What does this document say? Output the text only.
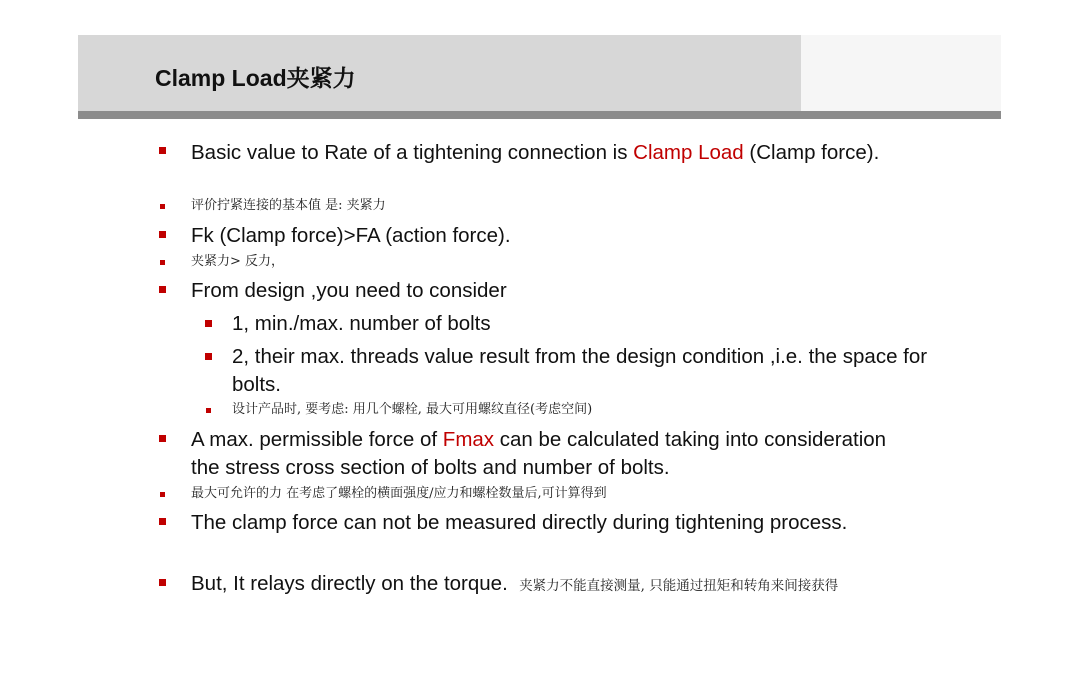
Clamp Load夹紧力
Basic value to Rate of a tightening connection is Clamp Load (Clamp force).
评价拧紧连接的基本值 是: 夹紧力
Fk (Clamp force)>FA (action force).
夹紧力> 反力，
From design ,you need to consider
1, min./max. number of bolts
2, their max. threads value result from the design condition ,i.e. the space for bolts.
设计产品时, 要考虑: 用几个螺栓, 最大可用螺纹直径(考虑空间)
A max. permissible force of Fmax can be calculated taking into consideration the stress cross section of bolts and number of bolts.
最大可允许的力 在考虑了螺栓的横面强度/应力和螺栓数量后,可计算得到
The clamp force can not be measured directly during tightening process.
But, It relays directly on the torque. 夹紧力不能直接测量, 只能通过扭矩和转角来间接获得
